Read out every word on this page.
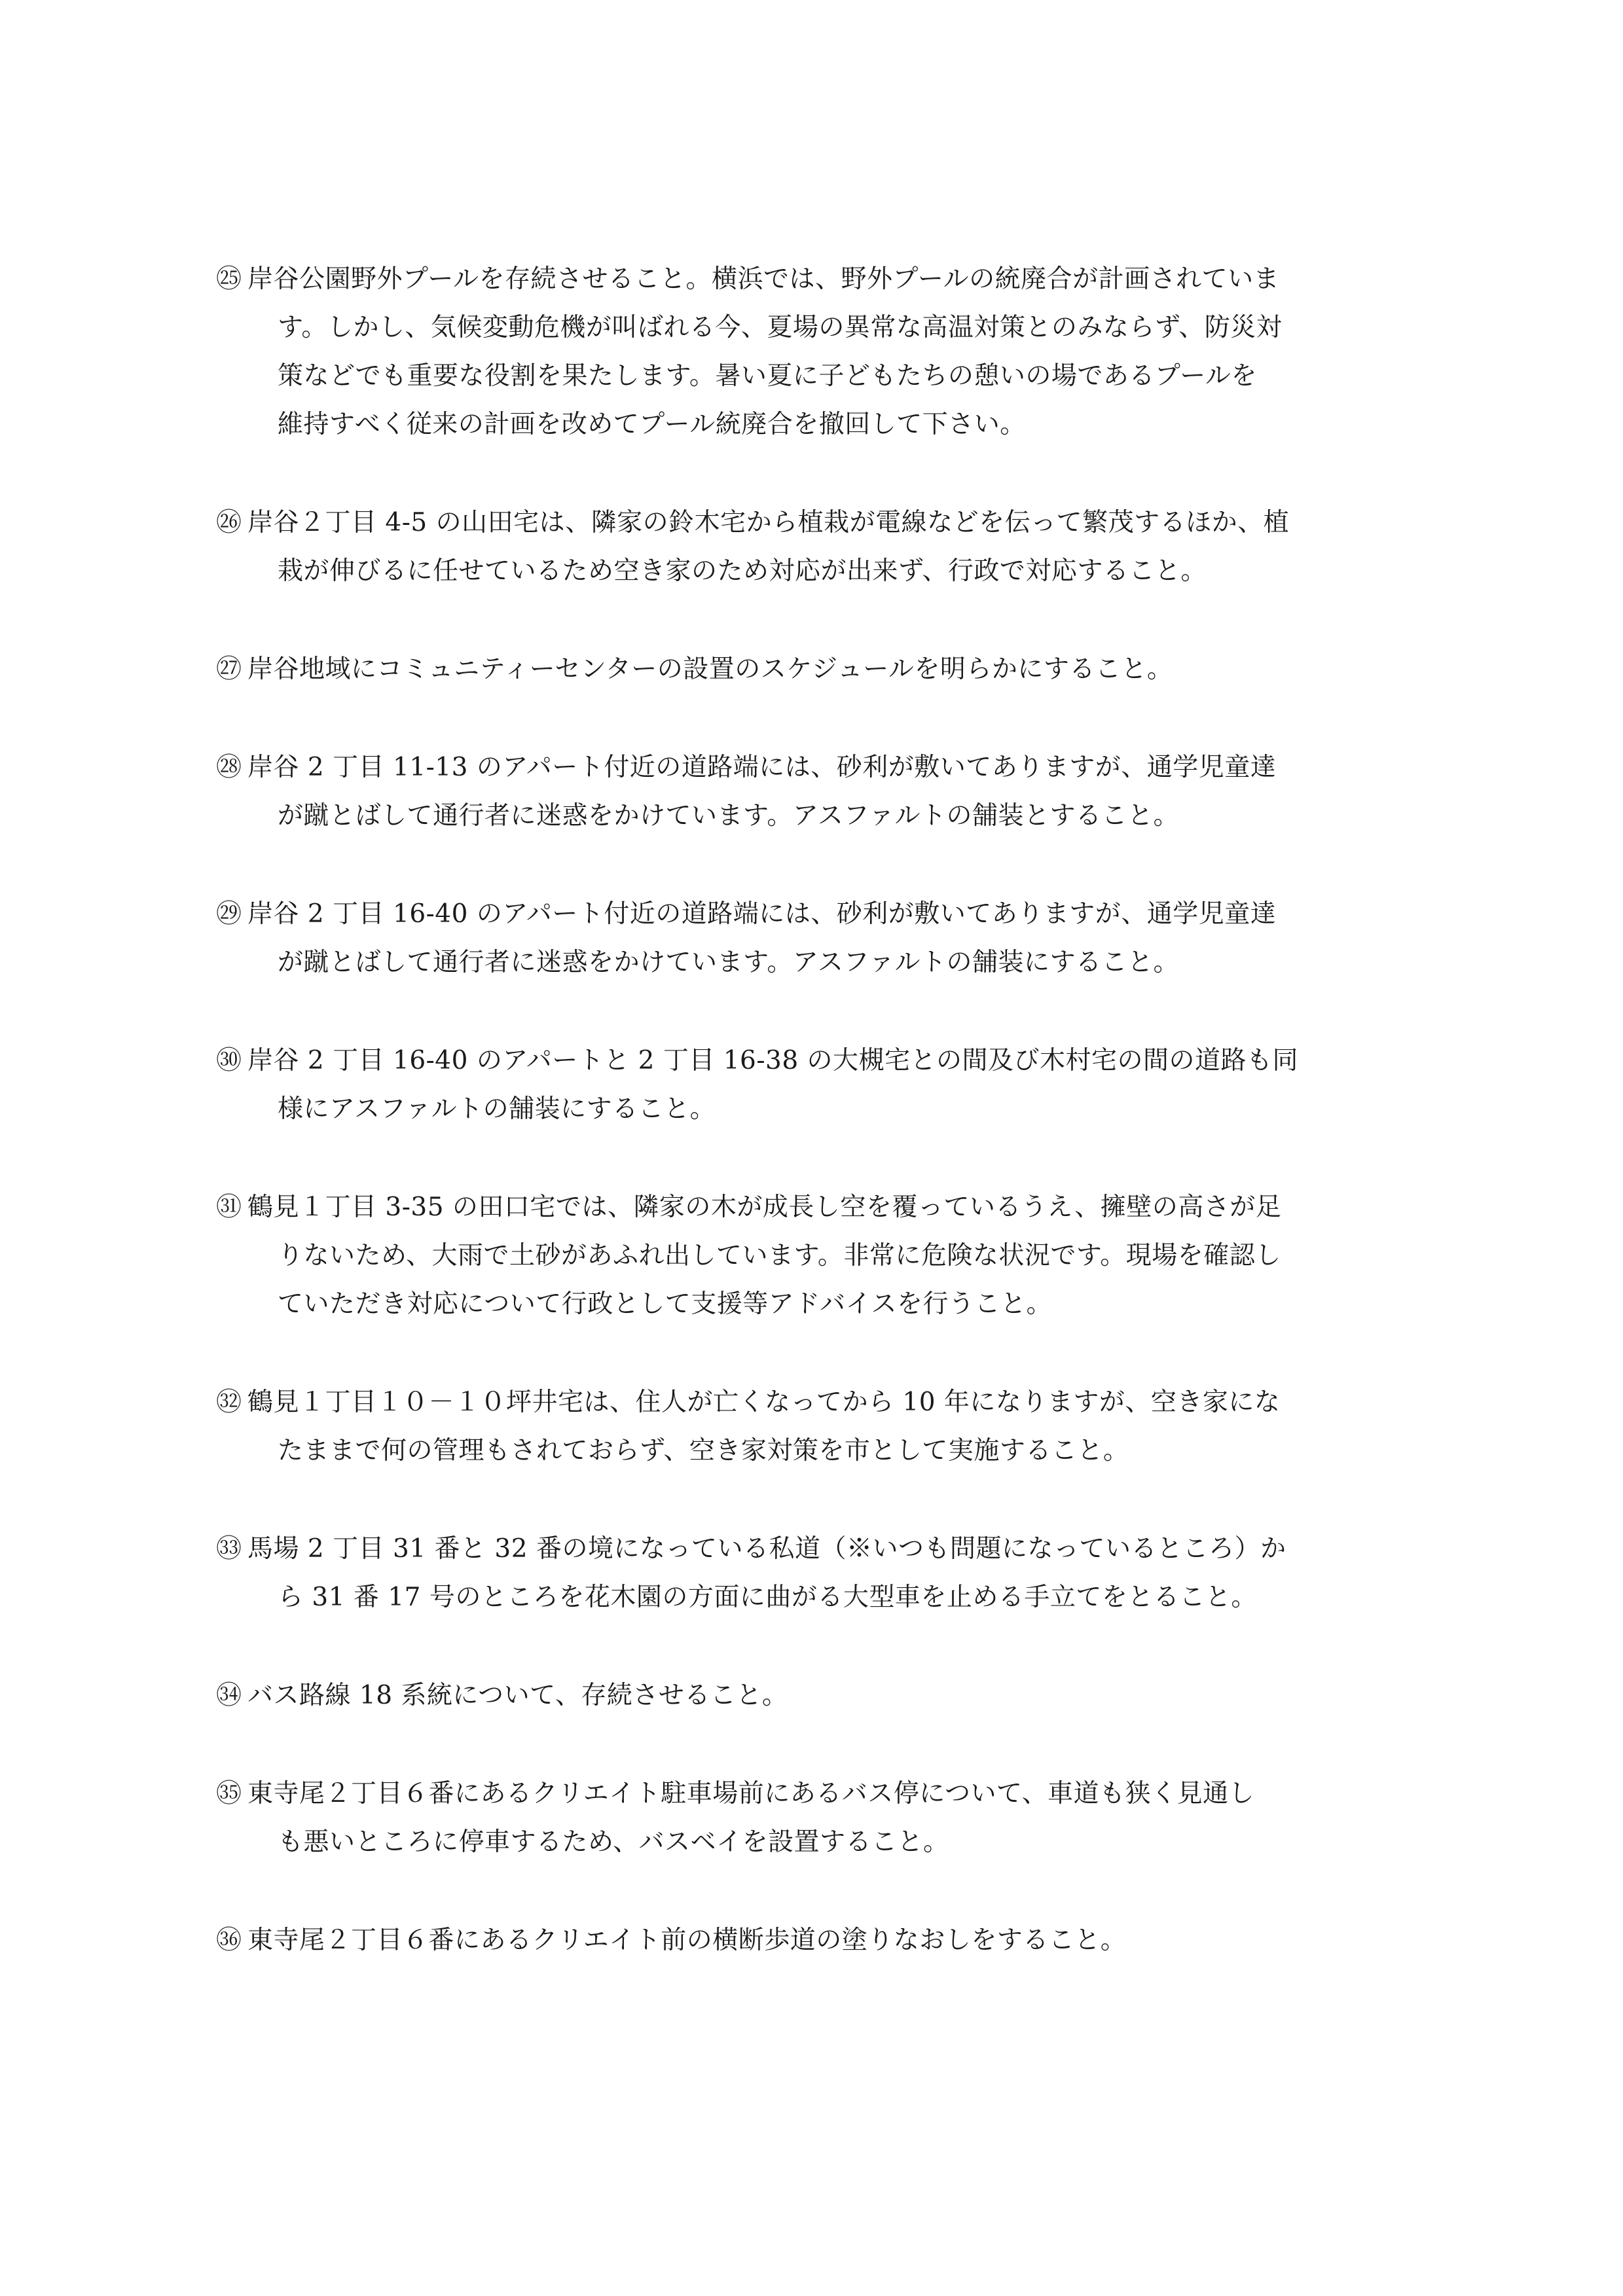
㉕ 岸谷公園野外プールを存続させること。横浜では、野外プールの統廃合が計画されていま
す。しかし、気候変動危機が叫ばれる今、夏場の異常な高温対策とのみならず、防災対
策などでも重要な役割を果たします。暑い夏に子どもたちの憩いの場であるプールを
維持すべく従来の計画を改めてプール統廃合を撤回して下さい。
㉖ 岸谷２丁目 4-5 の山田宅は、隣家の鈴木宅から植栽が電線などを伝って繁茂するほか、植
栽が伸びるに任せているため空き家のため対応が出来ず、行政で対応すること。
㉗ 岸谷地域にコミュニティーセンターの設置のスケジュールを明らかにすること。
㉘ 岸谷 2 丁目 11-13 のアパート付近の道路端には、砂利が敷いてありますが、通学児童達
が蹴とばして通行者に迷惑をかけています。アスファルトの舗装とすること。
㉙ 岸谷 2 丁目 16-40 のアパート付近の道路端には、砂利が敷いてありますが、通学児童達
が蹴とばして通行者に迷惑をかけています。アスファルトの舗装にすること。
㉚ 岸谷 2 丁目 16-40 のアパートと 2 丁目 16-38 の大槻宅との間及び木村宅の間の道路も同
様にアスファルトの舗装にすること。
㉛ 鶴見１丁目 3-35 の田口宅では、隣家の木が成長し空を覆っているうえ、擁壁の高さが足
りないため、大雨で土砂があふれ出しています。非常に危険な状況です。現場を確認し
ていただき対応について行政として支援等アドバイスを行うこと。
㉜ 鶴見１丁目１０－１０坪井宅は、住人が亡くなってから 10 年になりますが、空き家にな
たままで何の管理もされておらず、空き家対策を市として実施すること。
㉝ 馬場 2 丁目 31 番と 32 番の境になっている私道（※いつも問題になっているところ）か
ら 31 番 17 号のところを花木園の方面に曲がる大型車を止める手立てをとること。
㉞ バス路線 18 系統について、存続させること。
㉟ 東寺尾２丁目６番にあるクリエイト駐車場前にあるバス停について、車道も狭く見通し
も悪いところに停車するため、バスベイを設置すること。
㊱ 東寺尾２丁目６番にあるクリエイト前の横断歩道の塗りなおしをすること。
